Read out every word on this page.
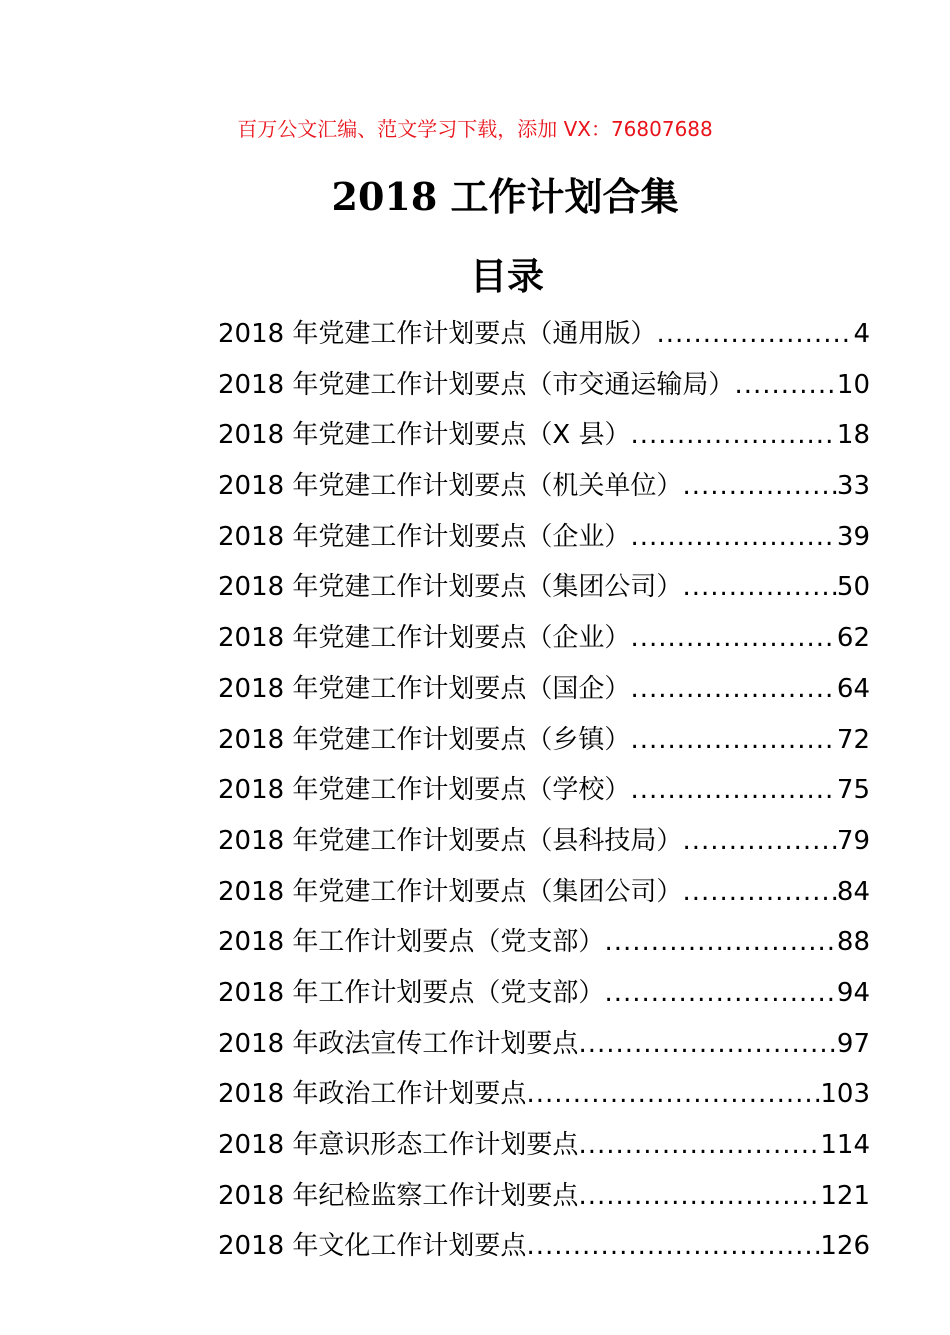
百万公文汇编、范文学习下载，添加 VX：76807688
2018 工作计划合集
目录
2018 年党建工作计划要点（通用版） .....	4
2018 年党建工作计划要点（市交通运输局） .....	10
2018 年党建工作计划要点（X 县） .....	18
2018 年党建工作计划要点（机关单位） .....	33
2018 年党建工作计划要点（企业） .....	39
2018 年党建工作计划要点（集团公司） .....	50
2018 年党建工作计划要点（企业） .....	62
2018 年党建工作计划要点（国企） .....	64
2018 年党建工作计划要点（乡镇） .....	72
2018 年党建工作计划要点（学校） .....	75
2018 年党建工作计划要点（县科技局） .....	79
2018 年党建工作计划要点（集团公司） .....	84
2018 年工作计划要点（党支部） .....	88
2018 年工作计划要点（党支部） .....	94
2018 年政法宣传工作计划要点 .....	97
2018 年政治工作计划要点 .....	103
2018 年意识形态工作计划要点 .....	114
2018 年纪检监察工作计划要点 .....	121
2018 年文化工作计划要点 .....	126
